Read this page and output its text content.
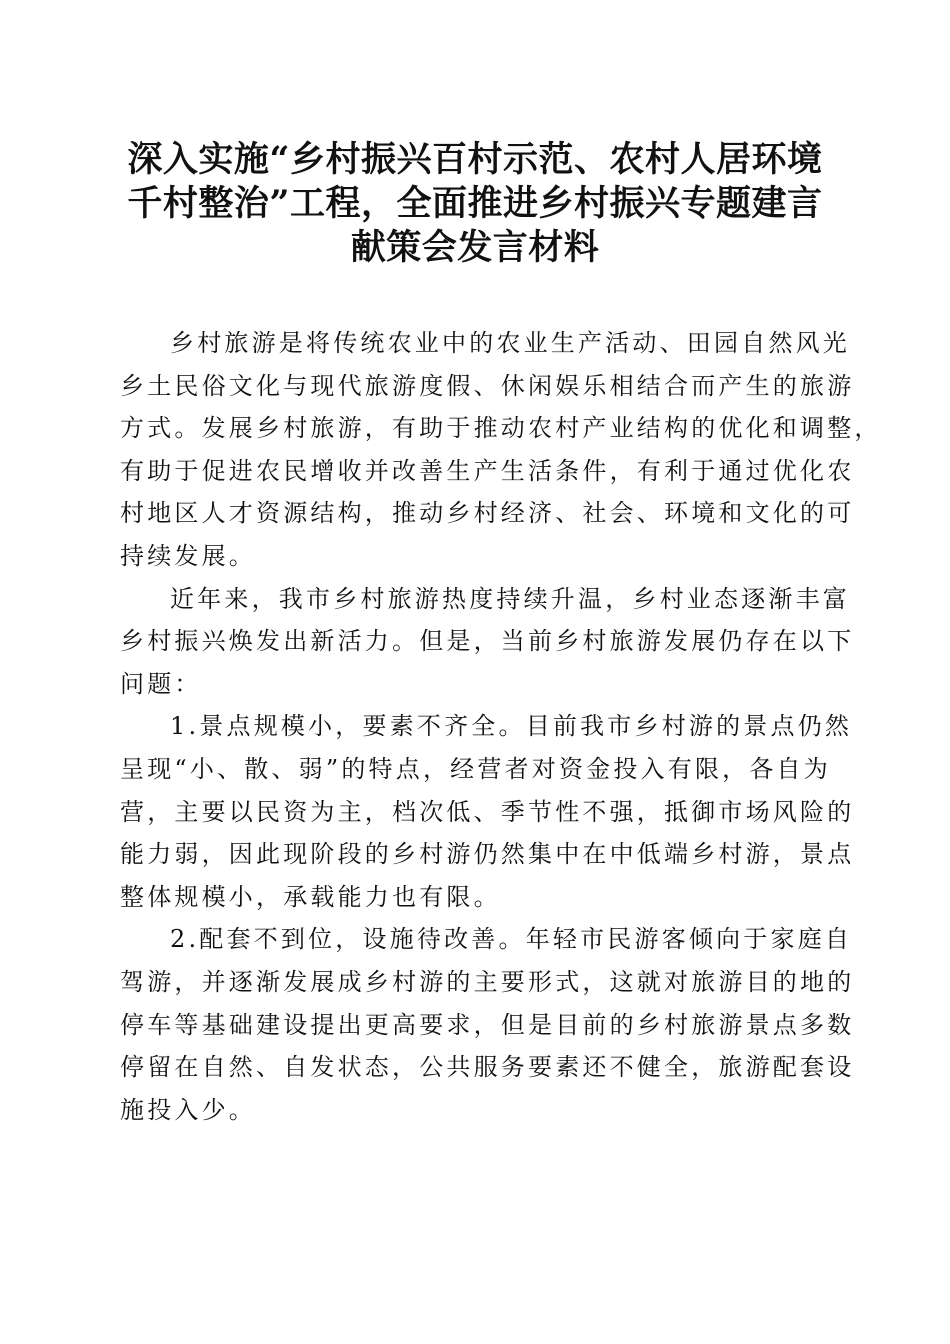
深入实施“乡村振兴百村示范、农村人居环境
千村整治”工程，全面推进乡村振兴专题建言
献策会发言材料
乡村旅游是将传统农业中的农业生产活动、田园自然风光
乡土民俗文化与现代旅游度假、休闲娱乐相结合而产生的旅游
方式。发展乡村旅游，有助于推动农村产业结构的优化和调整，
有助于促进农民增收并改善生产生活条件，有利于通过优化农
村地区人才资源结构，推动乡村经济、社会、环境和文化的可
持续发展。
近年来，我市乡村旅游热度持续升温，乡村业态逐渐丰富
乡村振兴焕发出新活力。但是，当前乡村旅游发展仍存在以下
问题：
1.景点规模小，要素不齐全。目前我市乡村游的景点仍然
呈现“小、散、弱”的特点，经营者对资金投入有限，各自为
营，主要以民资为主，档次低、季节性不强，抵御市场风险的
能力弱，因此现阶段的乡村游仍然集中在中低端乡村游，景点
整体规模小，承载能力也有限。
2.配套不到位，设施待改善。年轻市民游客倾向于家庭自
驾游，并逐渐发展成乡村游的主要形式，这就对旅游目的地的
停车等基础建设提出更高要求，但是目前的乡村旅游景点多数
停留在自然、自发状态，公共服务要素还不健全，旅游配套设
施投入少。
